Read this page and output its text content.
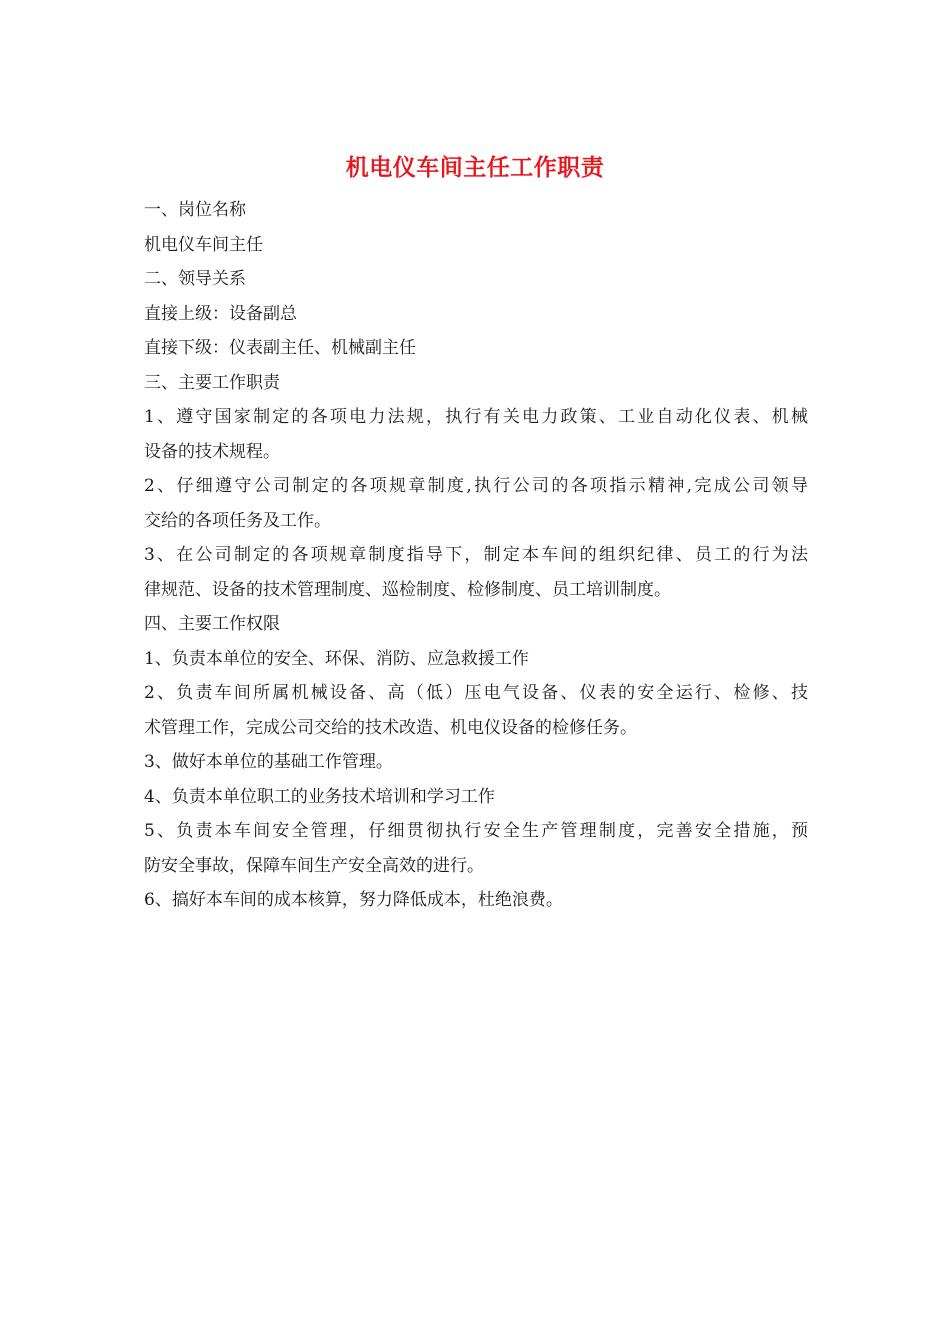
机电仪车间主任工作职责
一、岗位名称
机电仪车间主任
二、领导关系
直接上级：设备副总
直接下级：仪表副主任、机械副主任
三、主要工作职责
1、遵守国家制定的各项电力法规，执行有关电力政策、工业自动化仪表、机械
设备的技术规程。
2、仔细遵守公司制定的各项规章制度,执行公司的各项指示精神,完成公司领导
交给的各项任务及工作。
3、在公司制定的各项规章制度指导下，制定本车间的组织纪律、员工的行为法
律规范、设备的技术管理制度、巡检制度、检修制度、员工培训制度。
四、主要工作权限
1、负责本单位的安全、环保、消防、应急救援工作
2、负责车间所属机械设备、高（低）压电气设备、仪表的安全运行、检修、技
术管理工作，完成公司交给的技术改造、机电仪设备的检修任务。
3、做好本单位的基础工作管理。
4、负责本单位职工的业务技术培训和学习工作
5、负责本车间安全管理，仔细贯彻执行安全生产管理制度，完善安全措施，预
防安全事故，保障车间生产安全高效的进行。
6、搞好本车间的成本核算，努力降低成本，杜绝浪费。
